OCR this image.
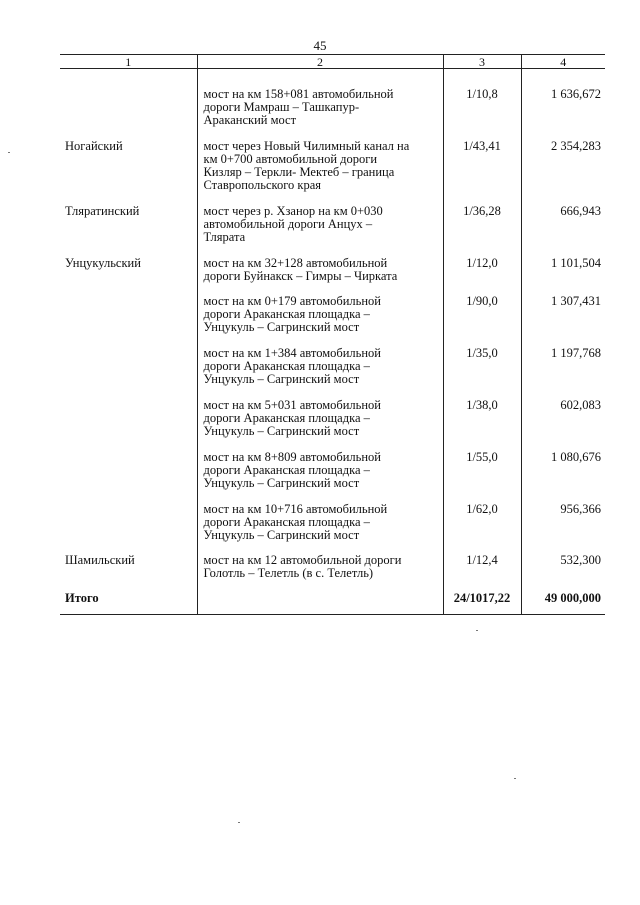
45
1	2	3	4

	мост на км 158+081 автомобильной
дороги Мамраш – Ташкапур-
Араканский мост	1/10,8	1 636,672
Ногайский	мост через Новый Чилимный канал на
км 0+700 автомобильной дороги
Кизляр – Теркли- Мектеб – граница
Ставропольского края	1/43,41	2 354,283
Тляратинский	мост через р. Хзанор на км 0+030
автомобильной дороги Анцух –
Тлярата	1/36,28	666,943
Унцукульский	мост на км 32+128 автомобильной
дороги Буйнакск – Гимры – Чирката	1/12,0	1 101,504

	мост на км 0+179 автомобильной
дороги Араканская площадка –
Унцукуль – Сагринский мост	1/90,0	1 307,431

	мост на км 1+384 автомобильной
дороги Араканская площадка –
Унцукуль – Сагринский мост	1/35,0	1 197,768

	мост на км 5+031 автомобильной
дороги Араканская площадка –
Унцукуль – Сагринский мост	1/38,0	602,083

	мост на км 8+809 автомобильной
дороги Араканская площадка –
Унцукуль – Сагринский мост	1/55,0	1 080,676

	мост на км 10+716 автомобильной
дороги Араканская площадка –
Унцукуль – Сагринский мост	1/62,0	956,366
Шамильский	мост на км 12 автомобильной дороги
Голотль – Телетль (в с. Телетль)	1/12,4	532,300
Итого		24/1017,22	49 000,000
